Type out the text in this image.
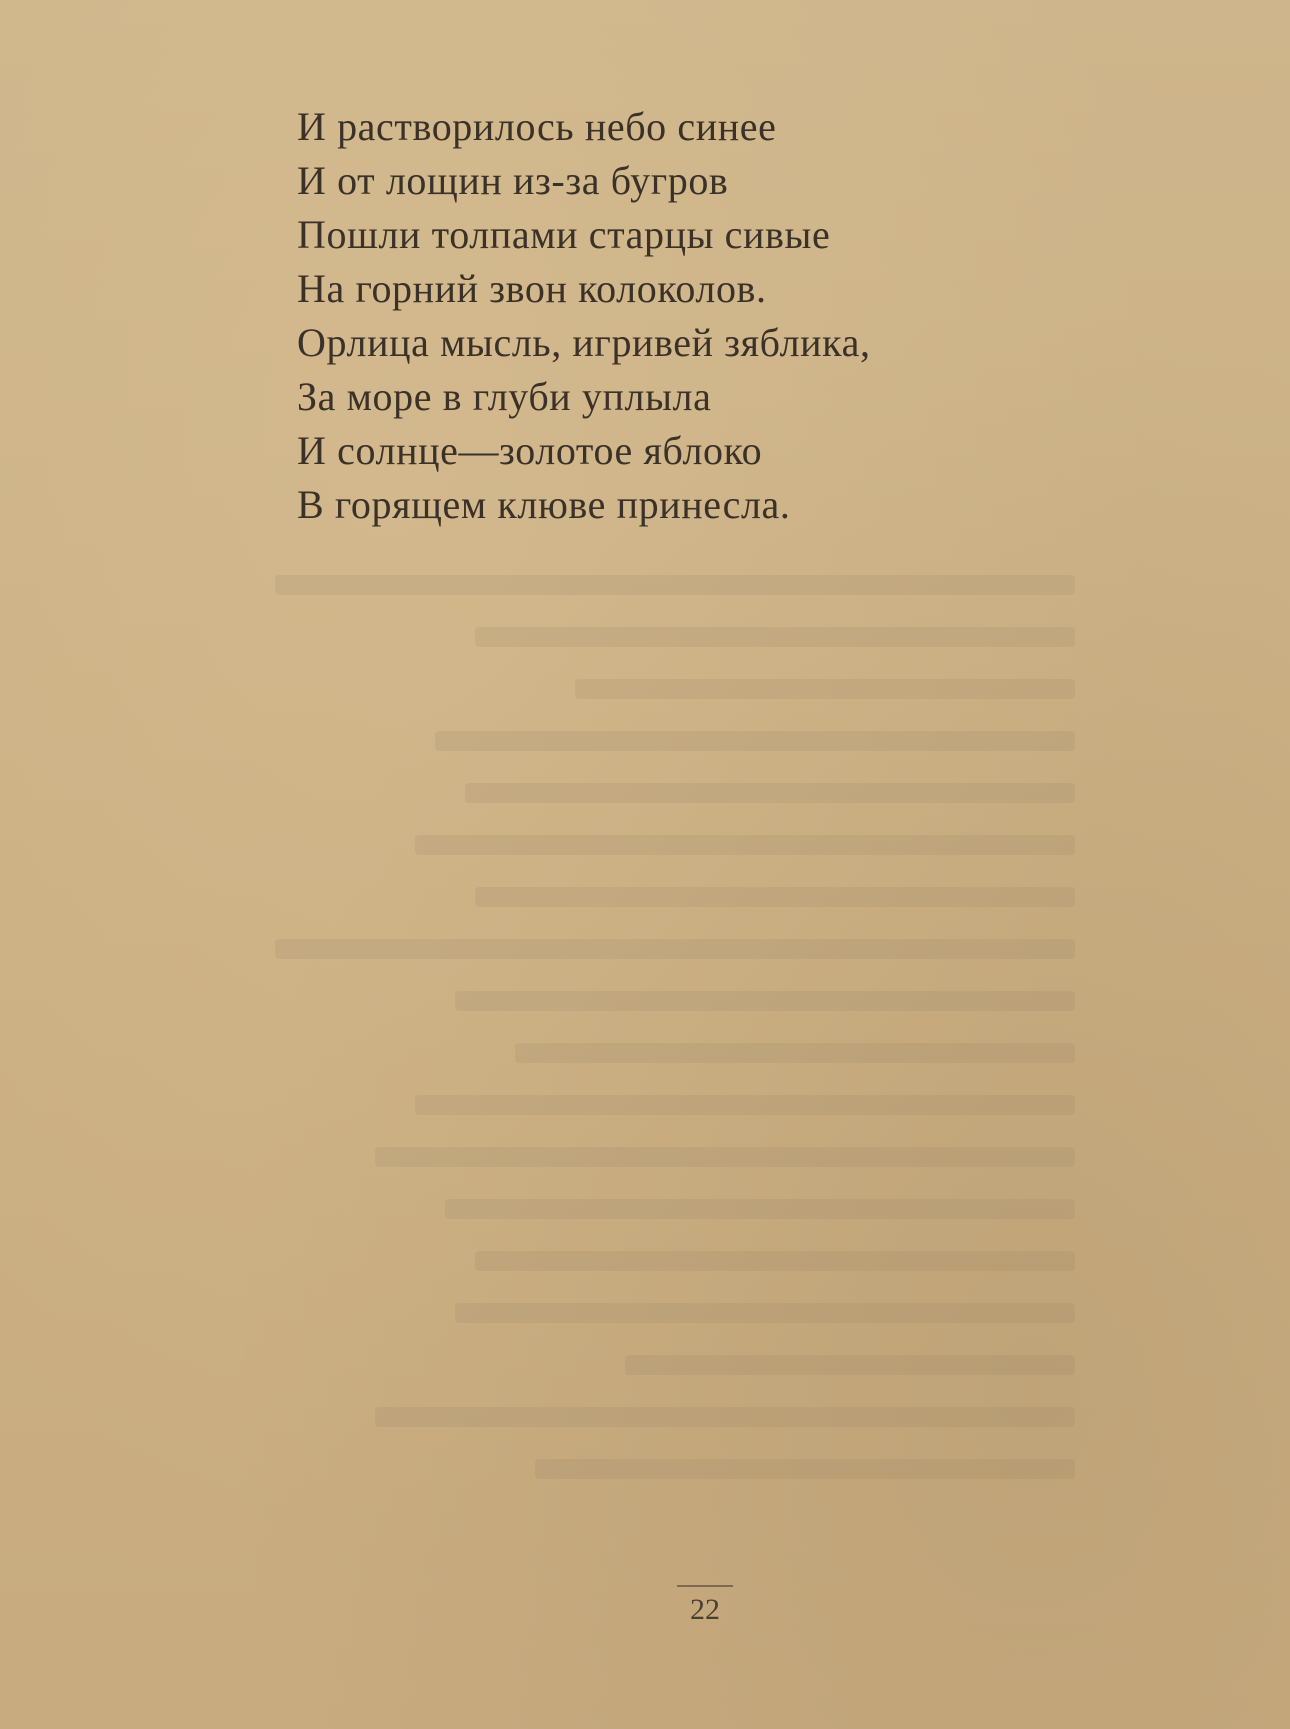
И растворилось небо синее
И от лощин из-за бугров
Пошли толпами старцы сивые
На горний звон колоколов.
Орлица мысль, игривей зяблика,
За море в глуби уплыла
И солнце—золотое яблоко
В горящем клюве принесла.
22
